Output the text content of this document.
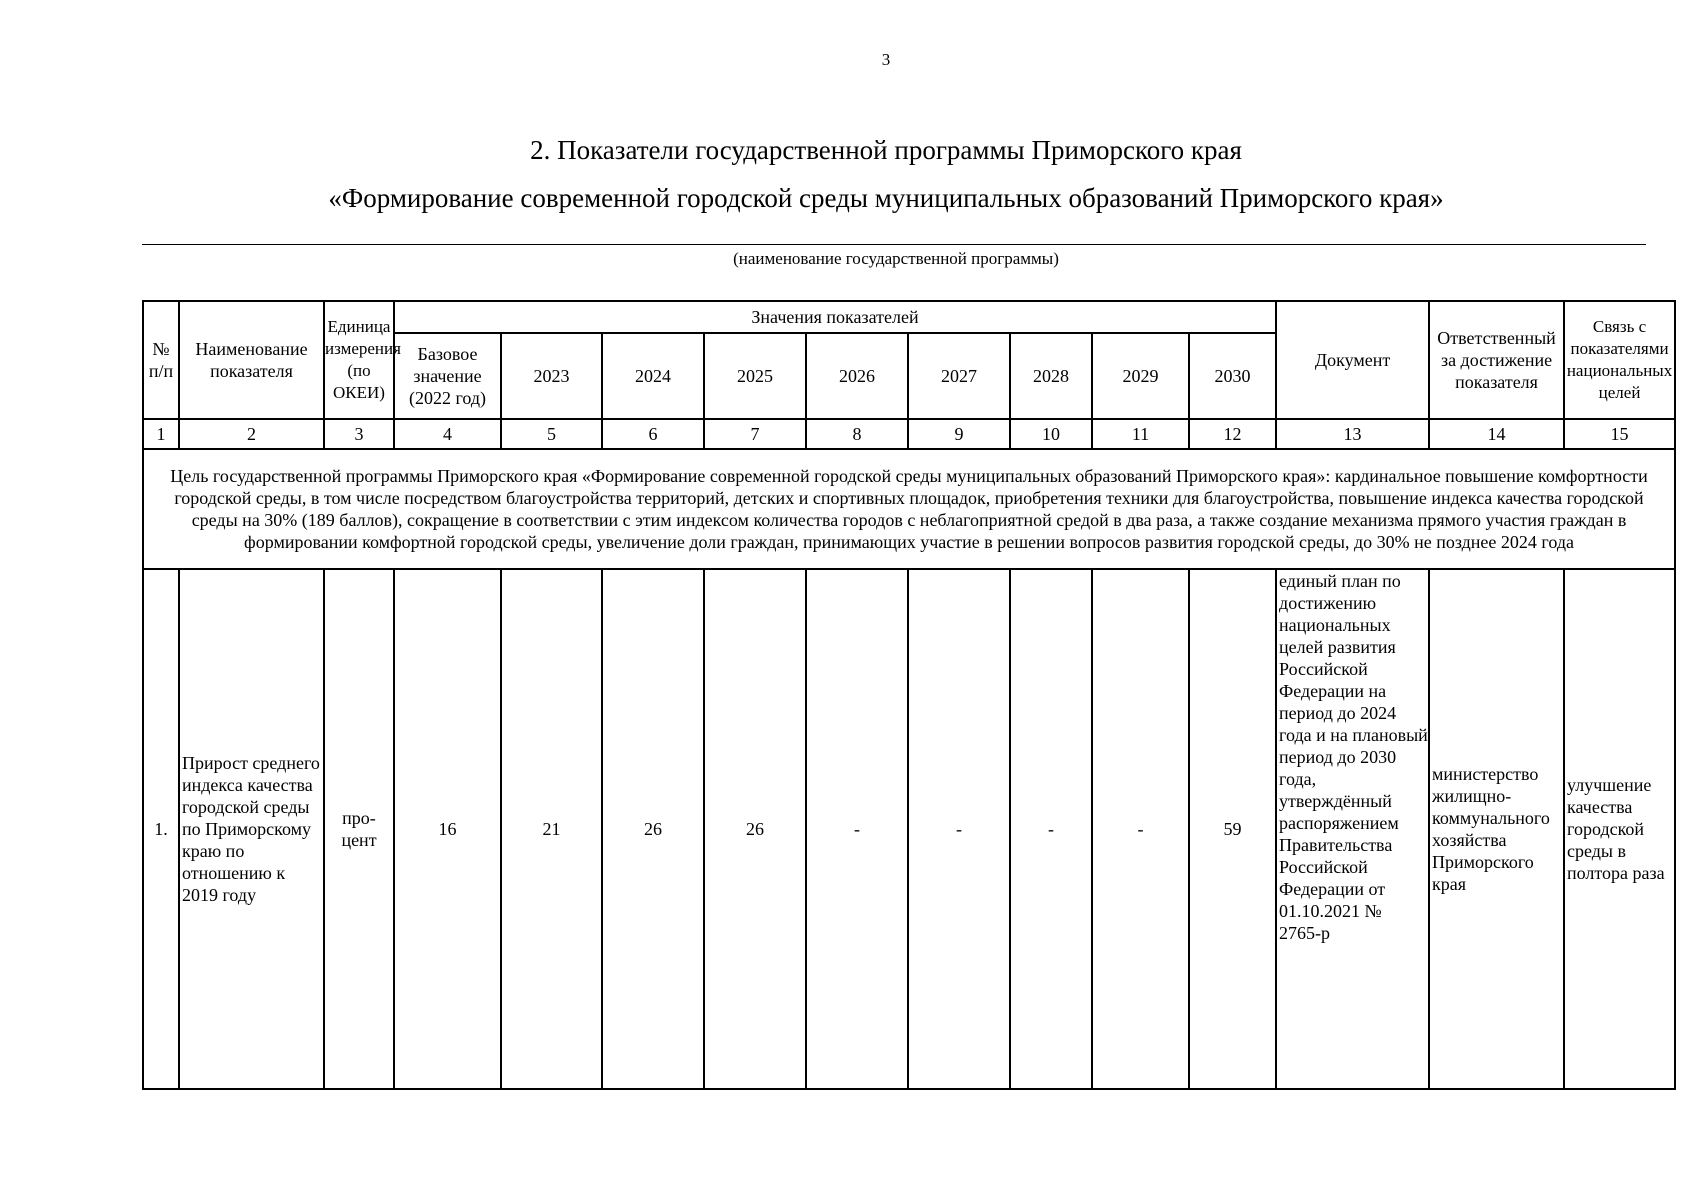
3
2. Показатели государственной программы Приморского края
«Формирование современной городской среды муниципальных образований Приморского края»
(наименование государственной программы)
№ п/п	Наименование показателя	Единица измерения (по ОКЕИ)	Значения показателей									Документ	Ответственный за достижение показателя	Связь с показателями национальных целей
			Базовое значение (2022 год)	2023	2024	2025	2026	2027	2028	2029	2030			
1	2	3	4	5	6	7	8	9	10	11	12	13	14	15
Цель государственной программы Приморского края «Формирование современной городской среды муниципальных образований Приморского края»: кардинальное повышение комфортности городской среды, в том числе посредством благоустройства территорий, детских и спортивных площадок, приобретения техники для благоустройства, повышение индекса качества городской среды на 30% (189 баллов), сокращение в соответствии с этим индексом количества городов с неблагоприятной средой в два раза, а также создание механизма прямого участия граждан в формировании комфортной городской среды, увеличение доли граждан, принимающих участие в решении вопросов развития городской среды, до 30% не позднее 2024 года														
1.	Прирост среднего индекса качества городской среды по Приморскому краю по отношению к 2019 году	про- цент	16	21	26	26	-	-	-	-	59	единый план по достижению национальных целей развития Российской Федерации на период до 2024 года и на плановый период до 2030 года, утверждённый распоряжением Правительства Российской Федерации от 01.10.2021 № 2765-р	министерство жилищно-коммунального хозяйства Приморского края	улучшение качества городской среды в полтора раза
